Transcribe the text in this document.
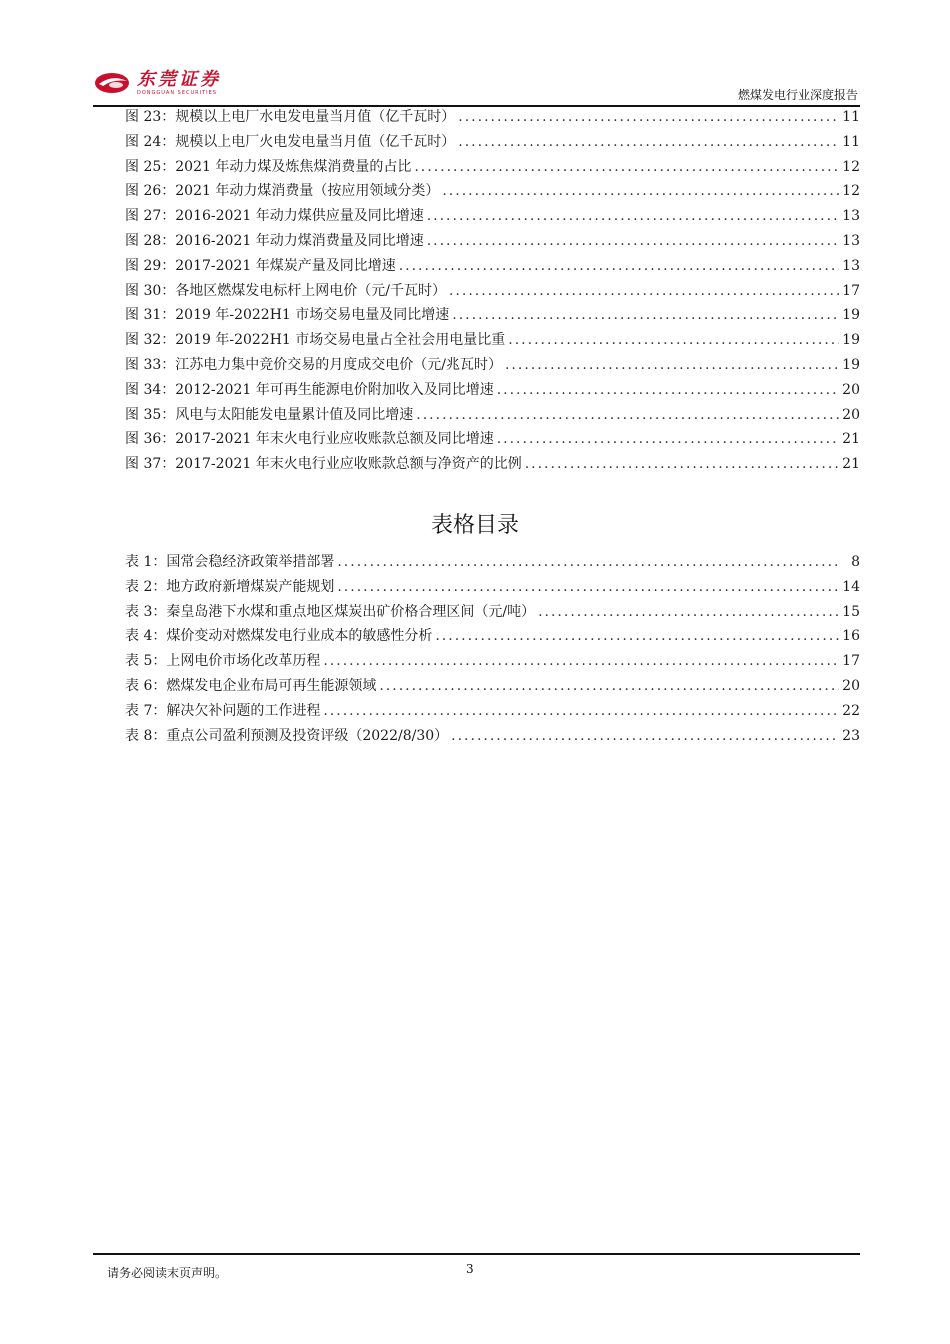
东莞证券
DONGGUAN SECURITIES	燃煤发电行业深度报告
图 23：规模以上电厂水电发电量当月值（亿千瓦时） .....	11
图 24：规模以上电厂火电发电量当月值（亿千瓦时） .....	11
图 25：2021 年动力煤及炼焦煤消费量的占比 .....	12
图 26：2021 年动力煤消费量（按应用领域分类） .....	12
图 27：2016-2021 年动力煤供应量及同比增速 .....	13
图 28：2016-2021 年动力煤消费量及同比增速 .....	13
图 29：2017-2021 年煤炭产量及同比增速 .....	13
图 30：各地区燃煤发电标杆上网电价（元/千瓦时） .....	17
图 31：2019 年-2022H1 市场交易电量及同比增速 .....	19
图 32：2019 年-2022H1 市场交易电量占全社会用电量比重 .....	19
图 33：江苏电力集中竞价交易的月度成交电价（元/兆瓦时） .....	19
图 34：2012-2021 年可再生能源电价附加收入及同比增速 .....	20
图 35：风电与太阳能发电量累计值及同比增速 .....	20
图 36：2017-2021 年末火电行业应收账款总额及同比增速 .....	21
图 37：2017-2021 年末火电行业应收账款总额与净资产的比例 .....	21
表格目录
表 1：国常会稳经济政策举措部署 .....	8
表 2：地方政府新增煤炭产能规划 .....	14
表 3：秦皇岛港下水煤和重点地区煤炭出矿价格合理区间（元/吨） .....	15
表 4：煤价变动对燃煤发电行业成本的敏感性分析 .....	16
表 5：上网电价市场化改革历程 .....	17
表 6：燃煤发电企业布局可再生能源领域 .....	20
表 7：解决欠补问题的工作进程 .....	22
表 8：重点公司盈利预测及投资评级（2022/8/30） .....	23
请务必阅读末页声明。	3
